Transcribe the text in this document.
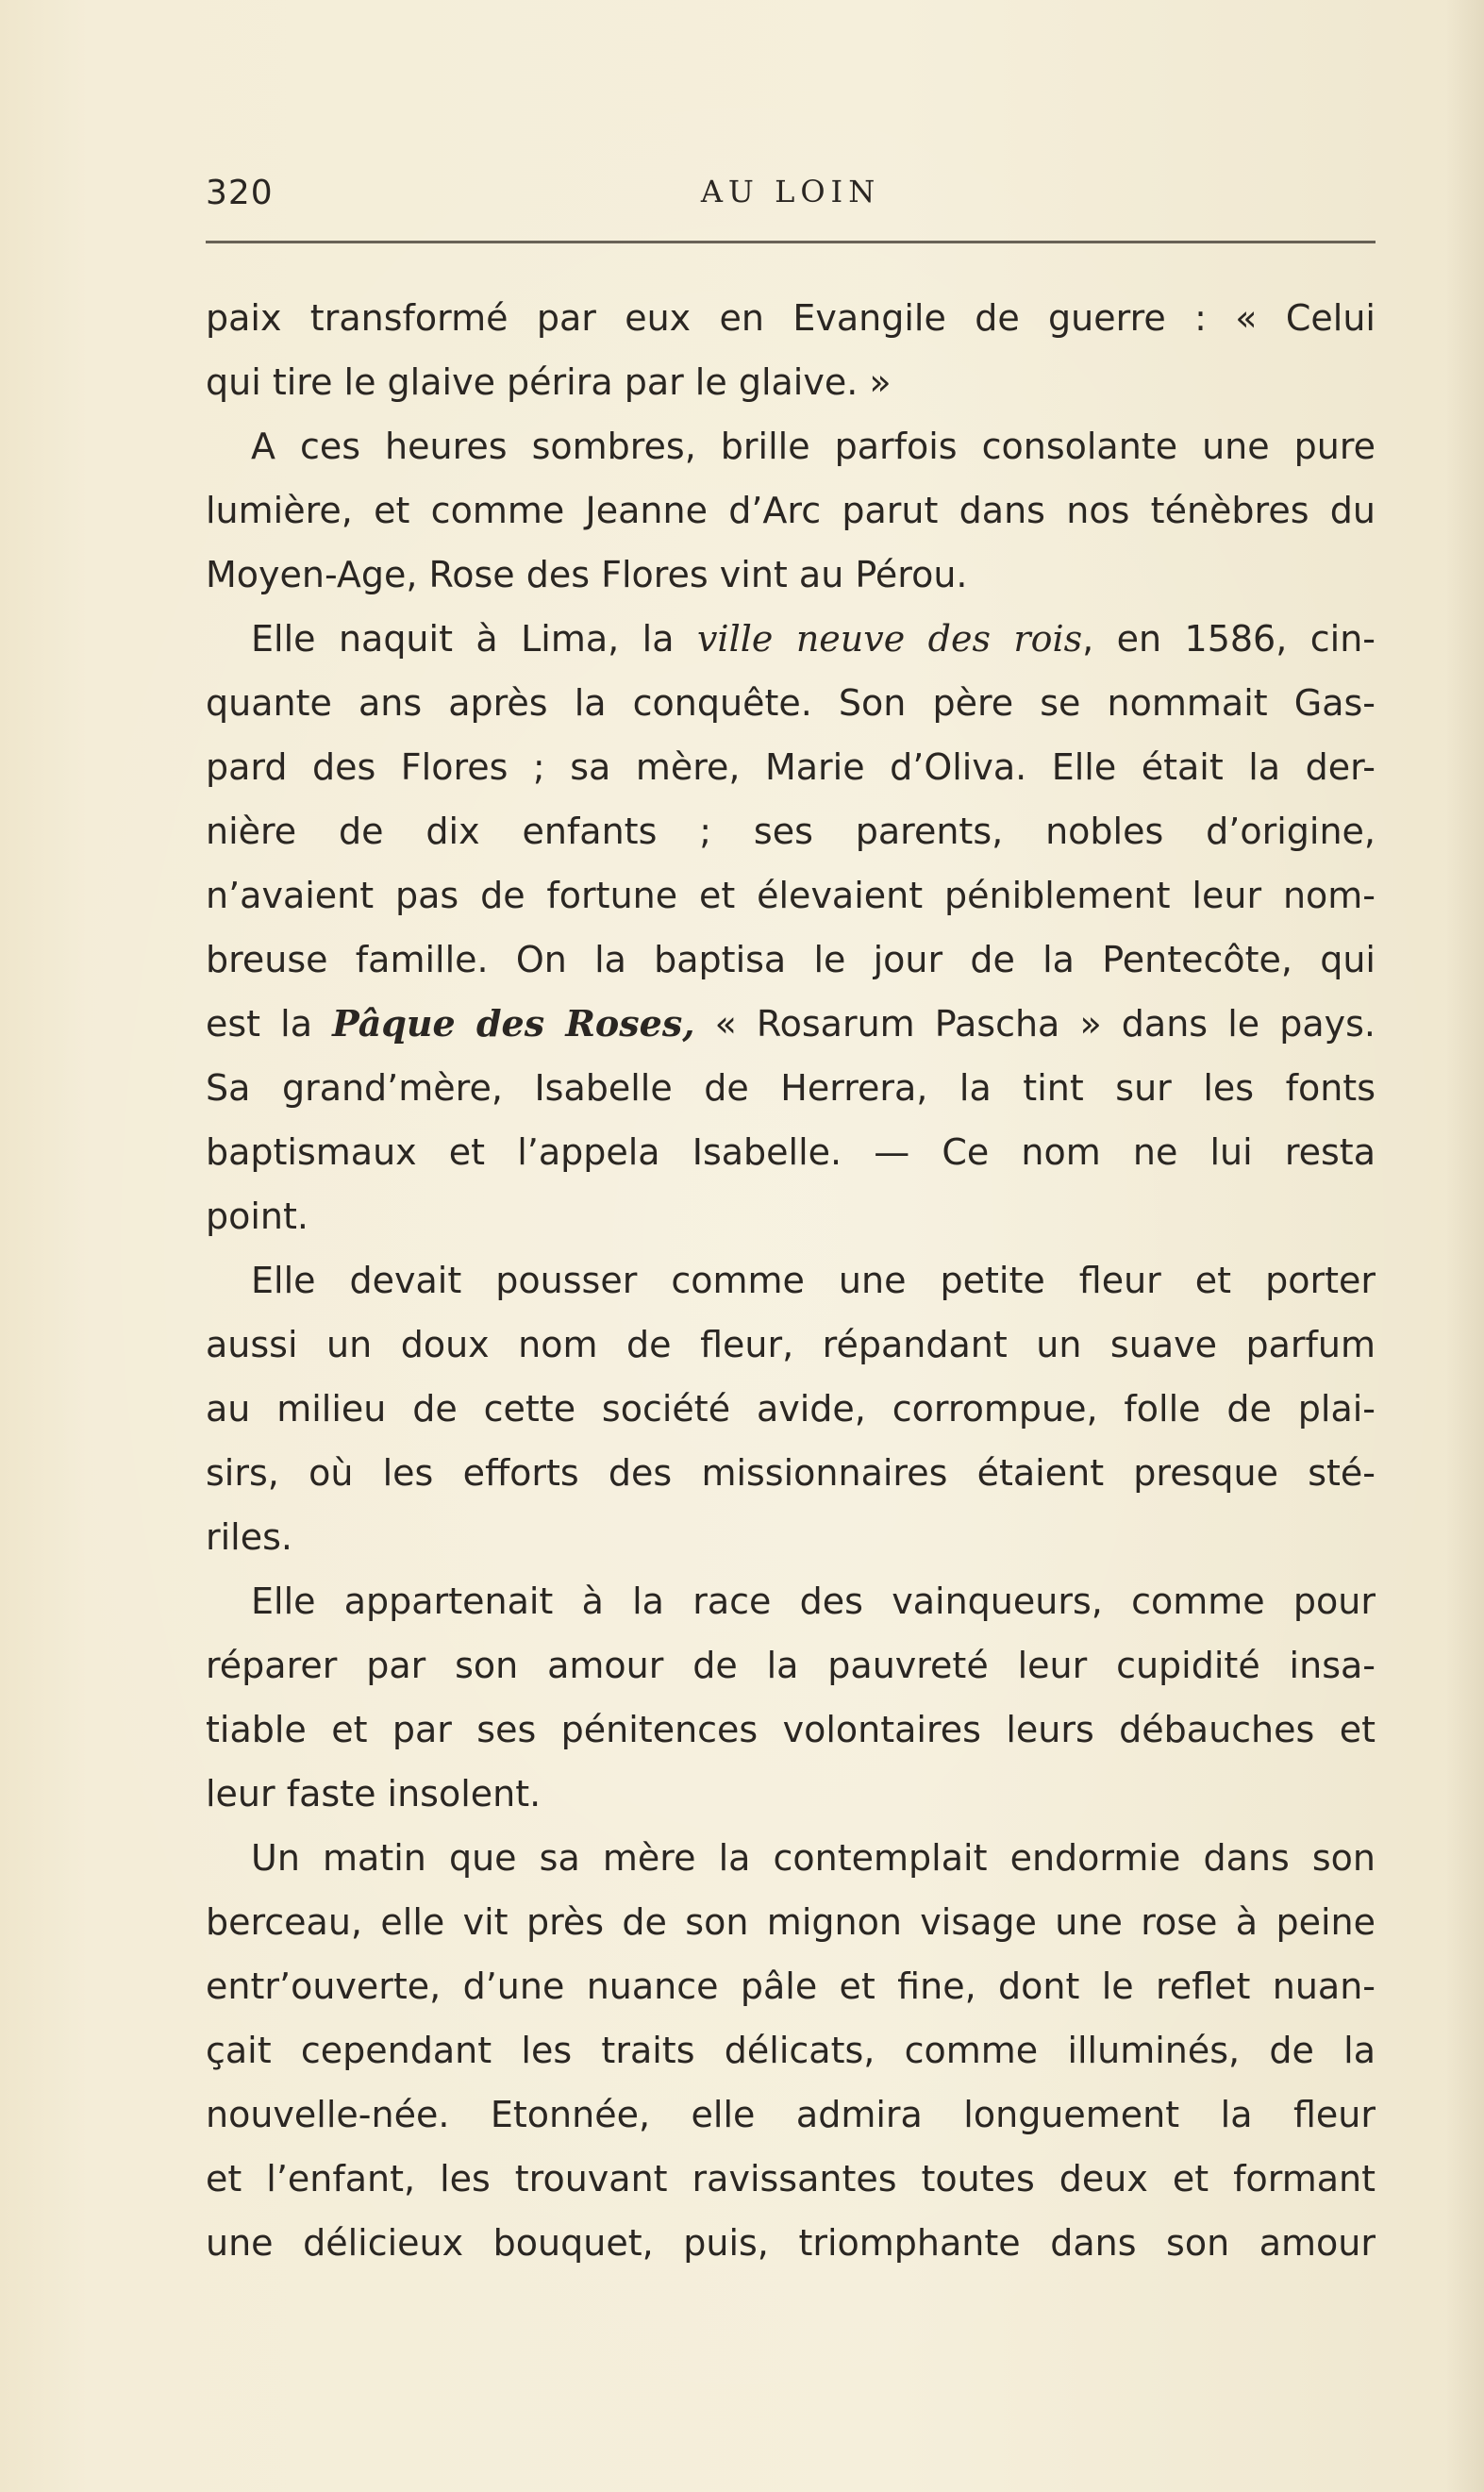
320	AU LOIN
paix transformé par eux en Evangile de guerre : « Celui
qui tire le glaive périra par le glaive. »
A ces heures sombres, brille parfois consolante une pure
lumière, et comme Jeanne d’Arc parut dans nos ténèbres du
Moyen-Age, Rose des Flores vint au Pérou.
Elle naquit à Lima, la ville neuve des rois, en 1586, cin-
quante ans après la conquête. Son père se nommait Gas-
pard des Flores ; sa mère, Marie d’Oliva. Elle était la der-
nière de dix enfants ; ses parents, nobles d’origine,
n’avaient pas de fortune et élevaient péniblement leur nom-
breuse famille. On la baptisa le jour de la Pentecôte, qui
est la Pâque des Roses, « Rosarum Pascha » dans le pays.
Sa grand’mère, Isabelle de Herrera, la tint sur les fonts
baptismaux et l’appela Isabelle. — Ce nom ne lui resta
point.
Elle devait pousser comme une petite fleur et porter
aussi un doux nom de fleur, répandant un suave parfum
au milieu de cette société avide, corrompue, folle de plai-
sirs, où les efforts des missionnaires étaient presque sté-
riles.
Elle appartenait à la race des vainqueurs, comme pour
réparer par son amour de la pauvreté leur cupidité insa-
tiable et par ses pénitences volontaires leurs débauches et
leur faste insolent.
Un matin que sa mère la contemplait endormie dans son
berceau, elle vit près de son mignon visage une rose à peine
entr’ouverte, d’une nuance pâle et fine, dont le reflet nuan-
çait cependant les traits délicats, comme illuminés, de la
nouvelle-née. Etonnée, elle admira longuement la fleur
et l’enfant, les trouvant ravissantes toutes deux et formant
une délicieux bouquet, puis, triomphante dans son amour
